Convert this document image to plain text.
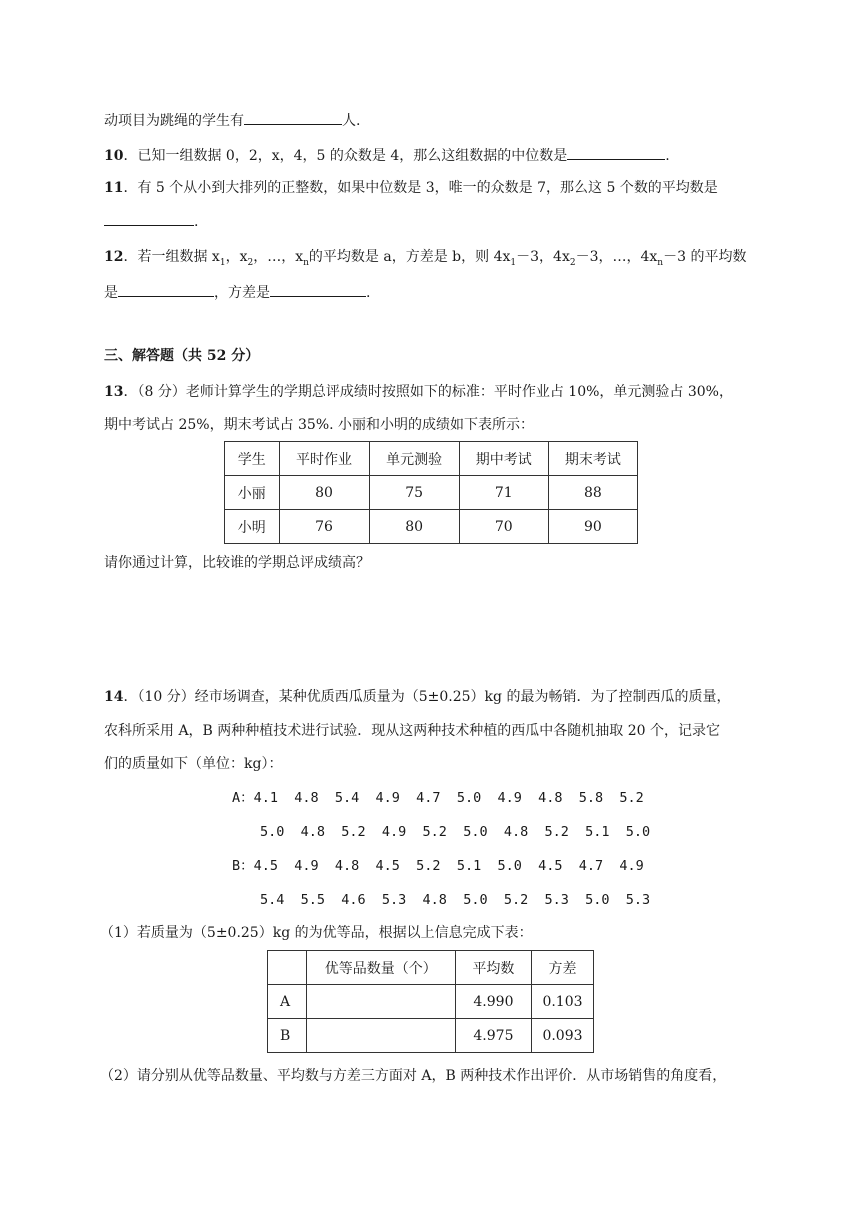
动项目为跳绳的学生有	人.
10．已知一组数据 0，2，x，4，5 的众数是 4，那么这组数据的中位数是	.
11．有 5 个从小到大排列的正整数，如果中位数是 3，唯一的众数是 7，那么这 5 个数的平均数是
.
12．若一组数据 $x_1$，$x_2$，…，$x_n$的平均数是 a，方差是 b，则 $4x_1-3$，$4x_2-3$，…，$4x_n-3$ 的平均数
是	，方差是	.
三、解答题（共 52 分）
13．（8 分）老师计算学生的学期总评成绩时按照如下的标准：平时作业占 10%，单元测验占 30%，
期中考试占 25%，期末考试占 35%. 小丽和小明的成绩如下表所示：
学生	平时作业	单元测验	期中考试	期末考试
小丽	80	75	71	88
小明	76	80	70	90
请你通过计算，比较谁的学期总评成绩高？
14．（10 分）经市场调查，某种优质西瓜质量为（5±0.25）kg 的最为畅销．为了控制西瓜的质量，
农科所采用 A，B 两种种植技术进行试验．现从这两种技术种植的西瓜中各随机抽取 20 个，记录它
们的质量如下（单位：kg）：
A：4.1  4.8  5.4  4.9  4.7  5.0  4.9  4.8  5.8  5.2
5.0  4.8  5.2  4.9  5.2  5.0  4.8  5.2  5.1  5.0
B：4.5  4.9  4.8  4.5  5.2  5.1  5.0  4.5  4.7  4.9
5.4  5.5  4.6  5.3  4.8  5.0  5.2  5.3  5.0  5.3
（1）若质量为（5±0.25）kg 的为优等品，根据以上信息完成下表：
	优等品数量（个）	平均数	方差
A		4.990	0.103
B		4.975	0.093
（2）请分别从优等品数量、平均数与方差三方面对 A，B 两种技术作出评价．从市场销售的角度看，
